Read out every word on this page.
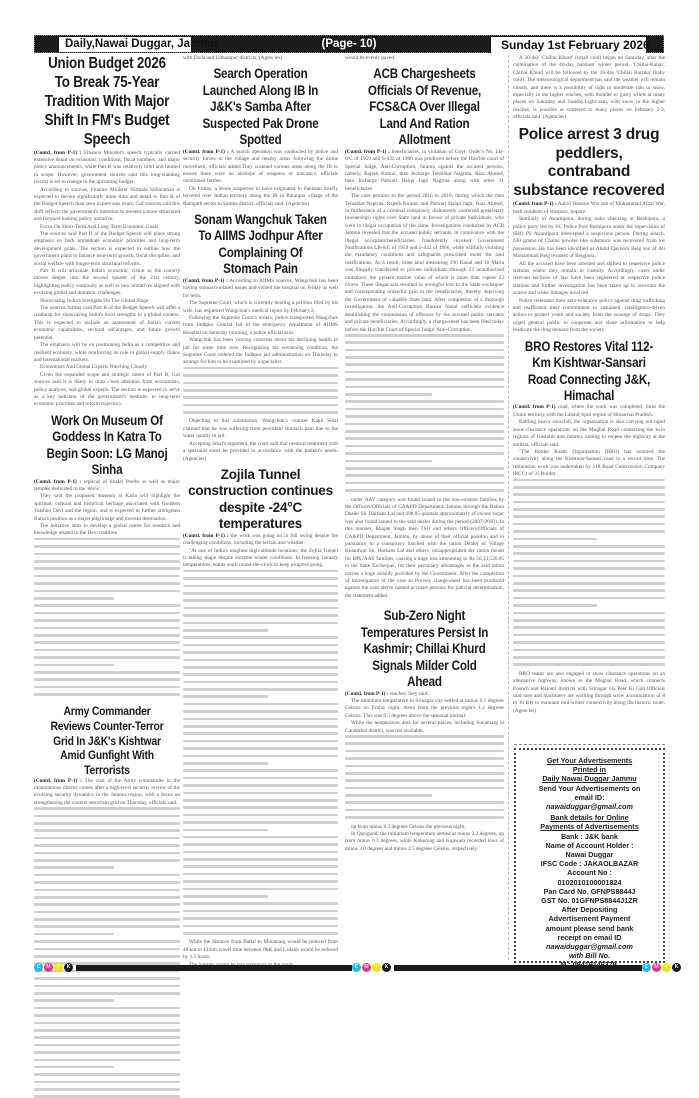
Daily,Nawai Duggar, Jammu	(Page- 10)	Sunday 1st February 2026
Union Budget 2026 To Break 75-Year Tradition With Major Shift In FM's Budget Speech

(Contd. from P-1) : Finance Minister's speech typically carried extensive detail on economic conditions, fiscal numbers, and major policy announcements, while Part B was relatively brief and limited in scope. However, government sources said this long-standing format is set to change in the upcoming budget.

According to sources, Finance Minister Nirmala Sitharaman is expected to devote significantly more time and detail to Part B of the Budget Speech than seen in previous years. GoI sources said this shift reflects the government's intention to present a more structured and forward-looking policy narrative.

Focus On Short-Term And Long-Term Economic Goals

The sources said Part B of the Budget Speech will place strong emphasis on both immediate economic priorities and long-term development goals. The section is expected to outline how the government plans to balance near-term growth, fiscal discipline, and social welfare with longer-term structural reforms.

Part B will articulate India's economic vision as the country moves deeper into the second quarter of the 21st century, highlighting policy continuity as well as new initiatives aligned with evolving global and domestic challenges.

Showcasing India's Strengths On The Global Stage

The sources further said Part B of the Budget Speech will offer a roadmap for showcasing India's local strengths in a global context. This is expected to include an assessment of India's current economic capabilities, sectoral advantages, and future growth potential.

The emphasis will be on positioning India as a competitive and resilient economy, while reinforcing its role in global supply chains and international markets.

Economists And Global Experts Watching Closely

Given the expanded scope and strategic intent of Part B, GoI sources said it is likely to draw close attention from economists, policy analysts, and global experts. The section is expected to serve as a key indicator of the government's medium- to long-term economic priorities and reform trajectory.

Work On Museum Of Goddess In Katra To Begin Soon: LG Manoj Sinha

(Contd. from P-1) : replicas of Shakti Peeths as well as major temples dedicated to the 'devis'.

They said the proposed museum at Katra will highlight the spiritual, cultural and historical heritage associated with Goddess Vaishno Devi and the region, and is expected to further strengthen Katra's position as a major pilgrimage and tourism destination.

The initiative aims to develop a global centre for research and knowledge related to the Devi tradition

Army Commander Reviews Counter-Terror Grid In J&K's Kishtwar Amid Gunfight With Terrorists

(Contd. from P-1) : The visit of the Army commander to the mountainous district comes after a high-level security review of the evolving security dynamics in the Jammu region, with a focus on strengthening the counter-terrorism grid on Thursday, officials said.

with Doda and Udhampur districts. (Agencies)

Search Operation Launched Along IB In J&K's Samba After Suspected Pak Drone Spotted

(Contd. from P-1) : A search operation was conducted by police and security forces in the village and nearby areas following the drone movement, officials added.They scanned various areas along the IB to ensure there were no airdrops of weapons or narcotics, officials mentioned further.

On Friday, a drone suspected to have originated in Pakistan briefly hovered over Indian territory along the IB in Ratanpur village of the Ramgarh sector in Samba district, officials said. (Agencies)

Sonam Wangchuk Taken To AIIMS Jodhpur After Complaining Of Stomach Pain

(Contd. from P-1) : According to AIIMS sources, Wangchuk has been having stomach-related issues and visited the hospital on Friday as well for tests.

The Supreme Court, which is currently hearing a petition filed by his wife, has requested Wangchuk's medical report by February 2.

Following the Supreme Court's orders, police transported Wangchuk from Jodhpur Central Jail to the emergency department of AIIMS Hospital on Saturday morning, a police official said.

Wangchuk has been voicing concerns about his declining health in jail for some time now. Recognising his worsening condition, the Supreme Court ordered the Jodhpur jail administration on Thursday to arrange for him to be examined by a specialist.

Objecting to this submission, Wangchuk's counsel Kapil Sibal claimed that he was suffering from persistent stomach pain due to the water quality in jail.

Accepting Sibal's argument, the court said that medical treatment with a specialist must be provided in accordance with the patient's needs. (Agencies)

Zojila Tunnel construction continues despite -24°C temperatures

(Contd. from P-1) : the work was going on in full swing despite the challenging conditions, including the terrain and weather.

"At one of India's toughest high-altitude locations, the Zojila Tunnel is taking shape despite extreme winter conditions. In freezing January temperatures, teams work round-the-clock to keep progress going.

While the distance from Baltal to Minamarg would be reduced from 40 km to 13 km, travel time between J&K and Ladakh would be reduced by 1.5 hours.

would be evenly paved.

ACB Chargesheets Officials Of Revenue, FCS&CA Over Illegal Land And Ration Allotment

(Contd. from P-1) : beneficiaries, in violation of Govt. Order's No. LB-6/C of 1959 and S-432 of 1966 was produced before the Hon'ble court of Special Judge, Anti-Corruption, Jammu against the accused persons, namely, Rajesh Kumar, then Incharge Tehsildar Nagrota, Riaz Ahmed, then Incharge Patwari Halqa Jagti Nagrota along with other 21 beneficiaries.

The case pertains to the period 2016 to 2018, during which the then Tehsildar Nagrota, Rajesh Kumar, and Patwari Halqa Jagti, Riaz Ahmed, in furtherance of a criminal conspiracy, dishonestly conferred proprietary (ownership) rights over State land in favour of private individuals, who were in illegal occupation of the same. Investigations conducted by ACB Jammu revealed that the accused public servants, in connivance with the illegal occupants/beneficiaries, fraudulently invoked Government Notifications LB-6/C of 1959 and S-432 of 1966, while willfully violating the mandatory conditions and safeguards prescribed under the said notifications. As a result, State land measuring 196 Kanal and 10 Marla was illegally transferred to private individuals through 23 unauthorized mutations, the present market value of which is more than rupees 22 crores. These illegal acts resulted in wrongful loss to the State exchequer and corresponding unlawful gain to the beneficiaries, thereby depriving the Government of valuable State land. After completion of a thorough investigation, the Anti-Corruption Bureau found sufficient evidence establishing the commission of offences by the accused public servants and private beneficiaries. Accordingly, a charge-sheet has been filed today before the Hon'ble Court of Special Judge, Anti-Corruption,

under AAY category was found issued to the non-existent families by the Officers/Officials of CA&PD Department, Jammu through the Ration Dealer Sh. Harbans Lal and 498.05 quintals approximately of excess sugar was also found issued to the said dealer during the period (2007-2010). In this manner, Bhajan Singh then TSO and others Officers/Officials of CA&PD Department, Jammu, by abuse of their official position and in pursuance to a conspiracy hatched with the ration Dealer of Village Khandwal Sh. Harbans Lal and others, misappropriated the ration meant for BPL/AAY families, causing a huge loss amounting to Rs 50,33,526.05 to the State Exchequer, for their pecuniary advantages as the said ration carries a huge subsidy provided by the Government. After the completion of investigation of the case as Proved, charge-sheet has been produced against the said above named accused persons for judicial determination, the statement added.

Sub-Zero Night Temperatures Persist In Kashmir; Chillai Khurd Signals Milder Cold Ahead

(Contd. from P-1) : reaches, they said.

The minimum temperature in Srinagar city settled at minus 0.1 degrees Celsius on Friday night, down from the previous night's 1.2 degrees Celsius. This was 0.5 degrees above the seasonal normal.

While the temperature data for several places, including Sonamarg in Ganderbal district, was not available,

up from minus 6.3 degrees Celsius the previous night.

In Qazigund, the minimum temperature settled at minus 2.2 degrees, up from minus 0.3 degrees, while Kokernag and Kupwara recorded lows of minus 3.0 degrees and minus 2.5 degrees Celsius, respectively.

A 20-day 'Chillai Khurd' (small cold) began on Saturday, after the culmination of the 40-day harshest winter period, 'Chillai-Kalan'. Chillai Khurd will be followed by the 10-day 'Chillai Bachha' (baby cold). The meteorological department has said the weather will remain cloudy, and there is a possibility of light to moderate rain or snow, especially in the higher reaches, with thunder or gusty winds at many places on Saturday and Sunday.Light rain, with snow in the higher reaches, is possible at scattered to many places on February 2-3, officials said. (Agencies)

Police arrest 3 drug peddlers, contraband substance recovered

(Contd. from P-1) : Aahid Hussain War son of Mohammad Afzal War, both residents of Warpora, Sopore.

Similarly in Awantipora, during naka checking at Reshipora, a police party led by I/C Police Post Reshipora under the supervision of SHO PS Awantipora intercepted a suspicious person. During search, 630 grams of Charas powder like substance was recovered from his possession. He has been identified as Abdul Qayoom Beig son of Ali Mohammad Beig resident of Beigpora.

All the accused have been arrested and shifted to respective police stations where they remain in custody. Accordingly, cases under relevant sections of law have been registered at respective police stations and further investigation has been taken up to ascertain the source and wider linkages involved.

Police reiterated their zero-tolerance policy against drug trafficking and reaffirmed their commitment to sustained, intelligence-driven action to protect youth and society from the scourge of drugs. They urged general public to cooperate and share information to help eradicate the drug menace from the society.

BRO Restores Vital 112-Km Kishtwar-Sansari Road Connecting J&K, Himachal

(Contd. from P-1) road, where the work was completed, links the Union territory with the Lahaul-Spiti region of Himachal Pradesh.

Battling heavy snowfall, the organisation is also carrying out rapid snow-clearance operations on the Mughal Road connecting the twin regions of Kashmir and Jammu, aiming to reopen the highway at the earliest, officials said.

"The Border Roads Organisation (BRO) has restored the connectivity along the Kishtwar-Sansari road in a record time. The restoration work was undertaken by 118 Road Construction Company (RCC) of 35 Border

BRO teams are also engaged in snow clearance operations on an alternative highway, known as the Mughal Road, which connects Poonch and Rajouri districts with Srinagar via Peer Ki Gali.Officials said men and machinery are working through snow accumulation of 8 to 10 feet to maintain mid-winter connectivity along the historic route. (Agencies)

Get Your Advertisements
Printed in
Daily Nawai Duggar Jammu
Send Your Advertisements on
email ID:
nawaiduggar@gmail.com
Bank details for Online
Payments of Advertisements
Bank : J&K bank
Name of Account Holder :
Nawai Duggar
IFSC Code : JAKAOLBAZAR
Account No :
0102010100001824
Pan Card No. GFNPS8844J
GST No. 01GFNPS8844J1ZR
After Depositing
Advertisement Payment
amount please send bank
receipt on email ID
nawaiduggar@gmail.com
with Bill No.
C	M	Y	K	C	M	Y	K	C	M	Y	K
